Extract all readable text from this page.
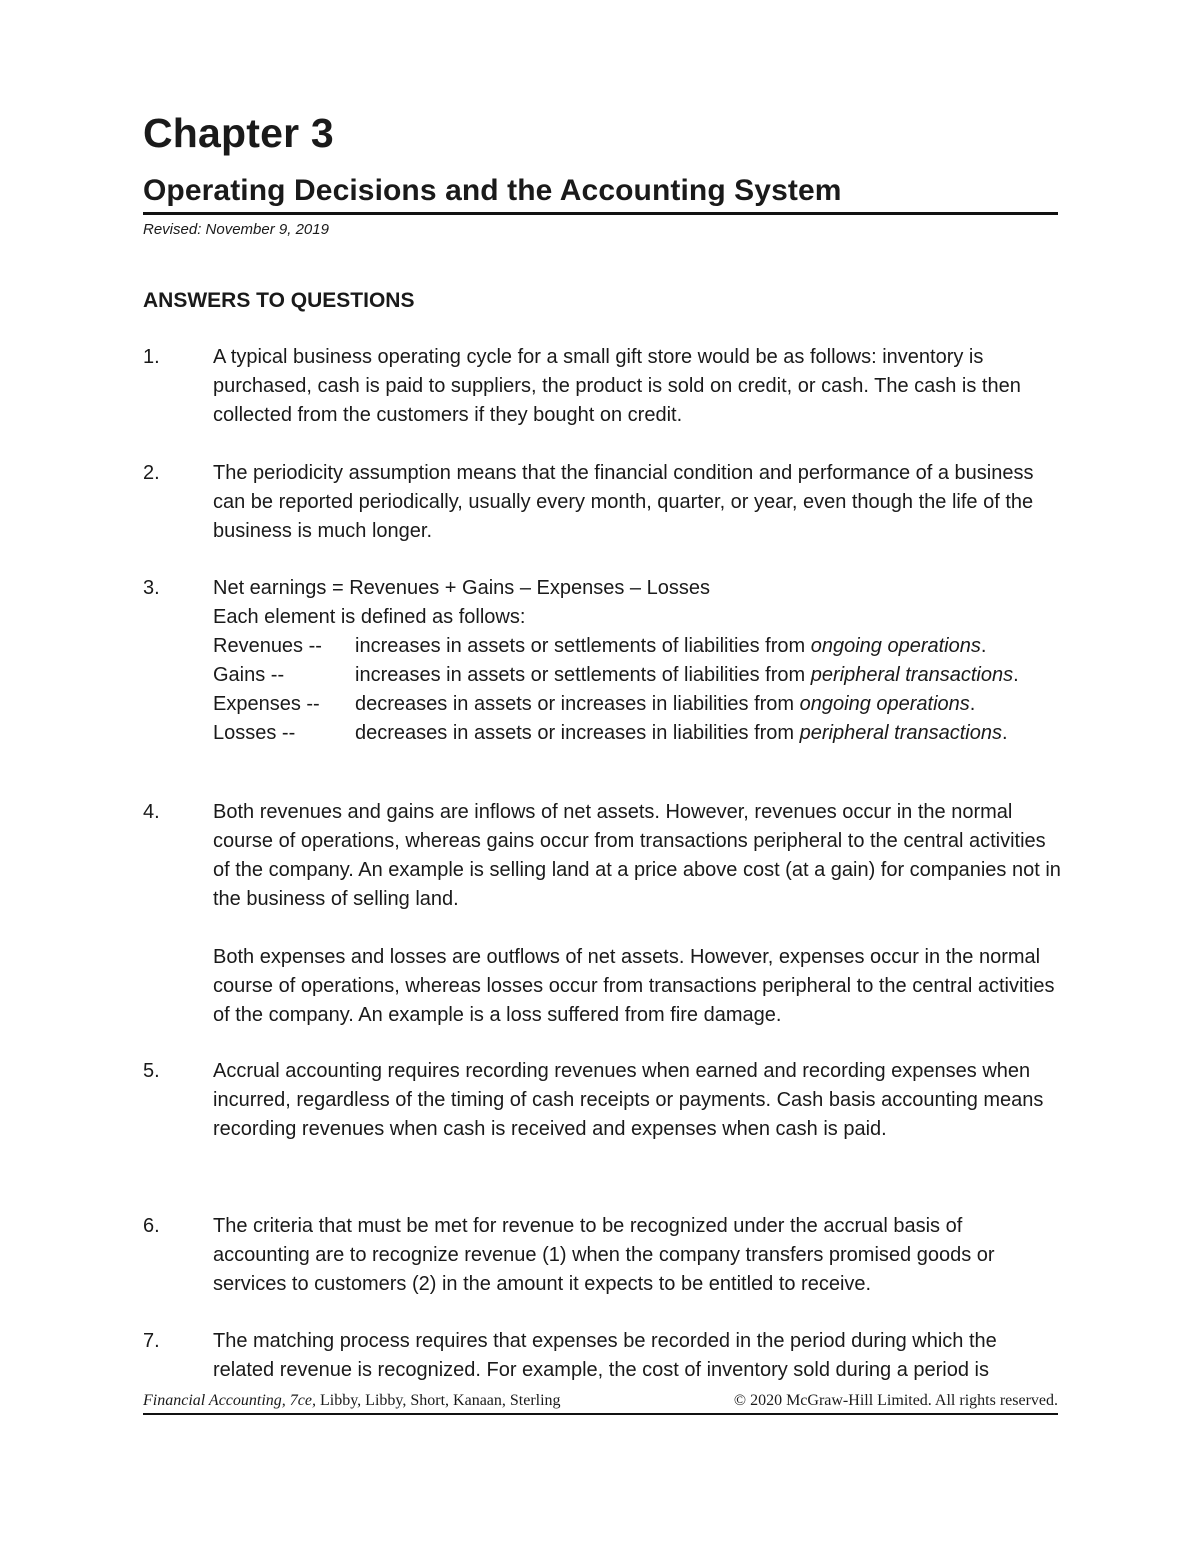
Chapter 3
Operating Decisions and the Accounting System
Revised: November 9, 2019
ANSWERS TO QUESTIONS
1.	A typical business operating cycle for a small gift store would be as follows: inventory is purchased, cash is paid to suppliers, the product is sold on credit, or cash. The cash is then collected from the customers if they bought on credit.

2.	The periodicity assumption means that the financial condition and performance of a business can be reported periodically, usually every month, quarter, or year, even though the life of the business is much longer.

3.	Net earnings = Revenues + Gains – Expenses – Losses

Each element is defined as follows:

Revenues --	increases in assets or settlements of liabilities from ongoing operations.
Gains --	increases in assets or settlements of liabilities from peripheral transactions.
Expenses --	decreases in assets or increases in liabilities from ongoing operations.
Losses --	decreases in assets or increases in liabilities from peripheral transactions.
4.	Both revenues and gains are inflows of net assets. However, revenues occur in the normal course of operations, whereas gains occur from transactions peripheral to the central activities of the company. An example is selling land at a price above cost (at a gain) for companies not in the business of selling land.

Both expenses and losses are outflows of net assets. However, expenses occur in the normal course of operations, whereas losses occur from transactions peripheral to the central activities of the company. An example is a loss suffered from fire damage.

5.	Accrual accounting requires recording revenues when earned and recording expenses when incurred, regardless of the timing of cash receipts or payments. Cash basis accounting means recording revenues when cash is received and expenses when cash is paid.

6.	The criteria that must be met for revenue to be recognized under the accrual basis of accounting are to recognize revenue (1) when the company transfers promised goods or services to customers (2) in the amount it expects to be entitled to receive.

7.	The matching process requires that expenses be recorded in the period during which the related revenue is recognized. For example, the cost of inventory sold during a period is

Financial Accounting, 7ce, Libby, Libby, Short, Kanaan, Sterling	© 2020 McGraw-Hill Limited. All rights reserved.
